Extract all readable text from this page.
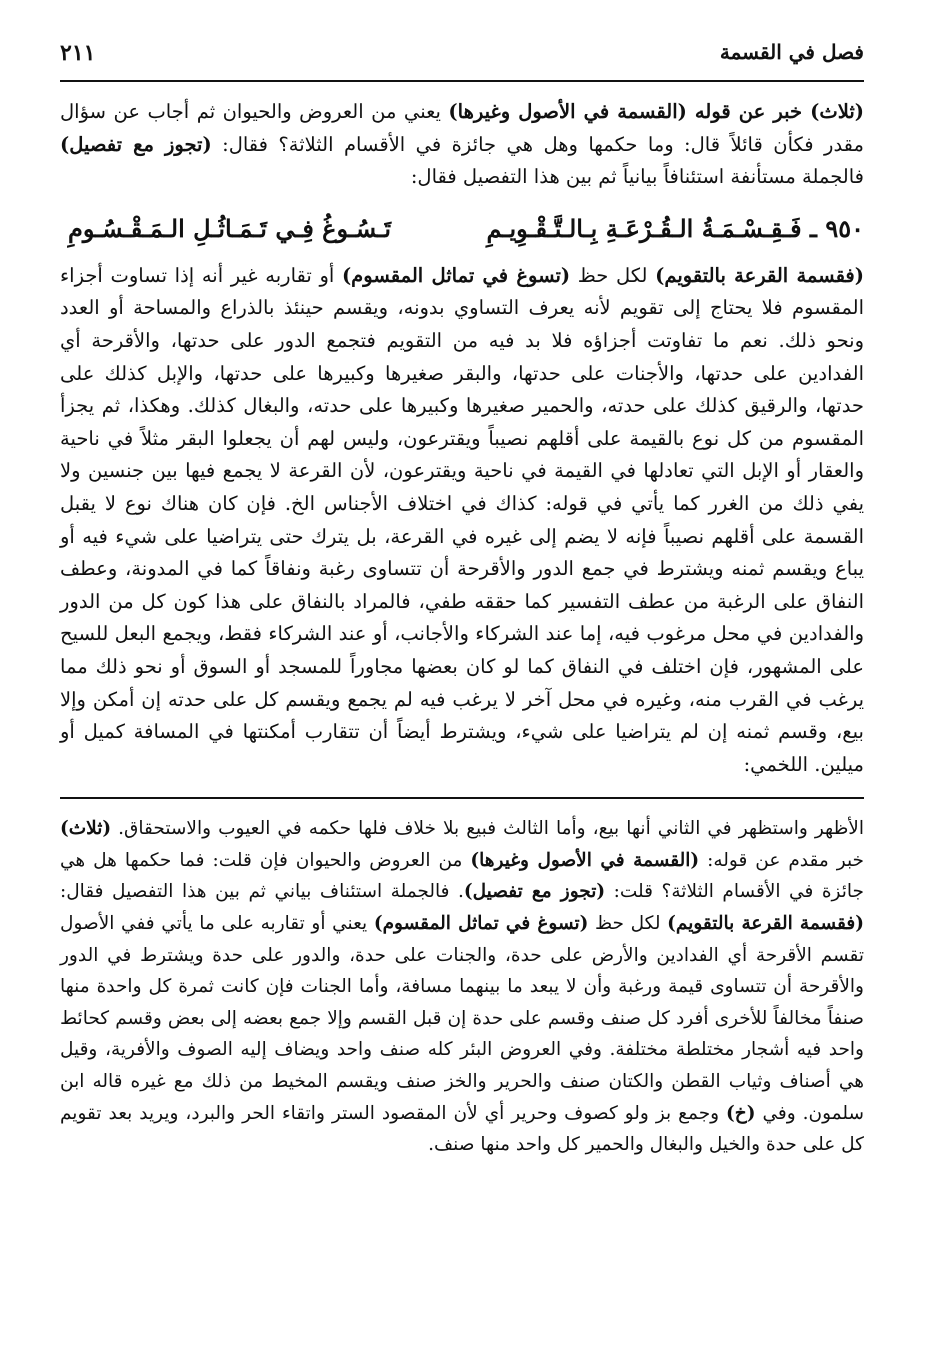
فصل في القسمة
٢١١

(ثلاث) خبر عن قوله (القسمة في الأصول وغيرها) يعني من العروض والحيوان ثم أجاب عن سؤال مقدر فكأن قائلاً قال: وما حكمها وهل هي جائزة في الأقسام الثلاثة؟ فقال: (تجوز مع تفصيل) فالجملة مستأنفة استئنافاً بيانياً ثم بين هذا التفصيل فقال:

٩٥٠ ـ فَـقِـسْـمَـةُ الـقُـرْعَـةِ بِـالـتَّـقْـوِيـمِ
تَـسُـوغُ فِـي تَـمَـاثُـلِ الـمَـقْـسُـومِ

(فقسمة القرعة بالتقويم) لكل حظ (تسوغ في تماثل المقسوم) أو تقاربه غير أنه إذا تساوت أجزاء المقسوم فلا يحتاج إلى تقويم لأنه يعرف التساوي بدونه، ويقسم حينئذ بالذراع والمساحة أو العدد ونحو ذلك. نعم ما تفاوتت أجزاؤه فلا بد فيه من التقويم فتجمع الدور على حدتها، والأقرحة أي الفدادين على حدتها، والأجنات على حدتها، والبقر صغيرها وكبيرها على حدتها، والإبل كذلك على حدتها، والرقيق كذلك على حدته، والحمير صغيرها وكبيرها على حدته، والبغال كذلك. وهكذا، ثم يجزأ المقسوم من كل نوع بالقيمة على أقلهم نصيباً ويقترعون، وليس لهم أن يجعلوا البقر مثلاً في ناحية والعقار أو الإبل التي تعادلها في القيمة في ناحية ويقترعون، لأن القرعة لا يجمع فيها بين جنسين ولا يفي ذلك من الغرر كما يأتي في قوله: كذاك في اختلاف الأجناس الخ. فإن كان هناك نوع لا يقبل القسمة على أقلهم نصيباً فإنه لا يضم إلى غيره في القرعة، بل يترك حتى يتراضيا على شيء فيه أو يباع ويقسم ثمنه ويشترط في جمع الدور والأقرحة أن تتساوى رغبة ونفاقاً كما في المدونة، وعطف النفاق على الرغبة من عطف التفسير كما حققه طفي، فالمراد بالنفاق على هذا كون كل من الدور والفدادين في محل مرغوب فيه، إما عند الشركاء والأجانب، أو عند الشركاء فقط، ويجمع البعل للسيح على المشهور، فإن اختلف في النفاق كما لو كان بعضها مجاوراً للمسجد أو السوق أو نحو ذلك مما يرغب في القرب منه، وغيره في محل آخر لا يرغب فيه لم يجمع ويقسم كل على حدته إن أمكن وإلا بيع، وقسم ثمنه إن لم يتراضيا على شيء، ويشترط أيضاً أن تتقارب أمكنتها في المسافة كميل أو ميلين. اللخمي:

الأظهر واستظهر في الثاني أنها بيع، وأما الثالث فبيع بلا خلاف فلها حكمه في العيوب والاستحقاق. (ثلاث) خبر مقدم عن قوله: (القسمة في الأصول وغيرها) من العروض والحيوان فإن قلت: فما حكمها هل هي جائزة في الأقسام الثلاثة؟ قلت: (تجوز مع تفصيل). فالجملة استئناف بياني ثم بين هذا التفصيل فقال: (فقسمة القرعة بالتقويم) لكل حظ (تسوغ في تماثل المقسوم) يعني أو تقاربه على ما يأتي ففي الأصول تقسم الأقرحة أي الفدادين والأرض على حدة، والجنات على حدة، والدور على حدة ويشترط في الدور والأقرحة أن تتساوى قيمة ورغبة وأن لا يبعد ما بينهما مسافة، وأما الجنات فإن كانت ثمرة كل واحدة منها صنفاً مخالفاً للأخرى أفرد كل صنف وقسم على حدة إن قبل القسم وإلا جمع بعضه إلى بعض وقسم كحائط واحد فيه أشجار مختلطة مختلفة. وفي العروض البئر كله صنف واحد ويضاف إليه الصوف والأفرية، وقيل هي أصناف وثياب القطن والكتان صنف والحرير والخز صنف ويقسم المخيط من ذلك مع غيره قاله ابن سلمون. وفي (خ) وجمع بز ولو كصوف وحرير أي لأن المقصود الستر واتقاء الحر والبرد، ويريد بعد تقويم كل على حدة والخيل والبغال والحمير كل واحد منها صنف.
